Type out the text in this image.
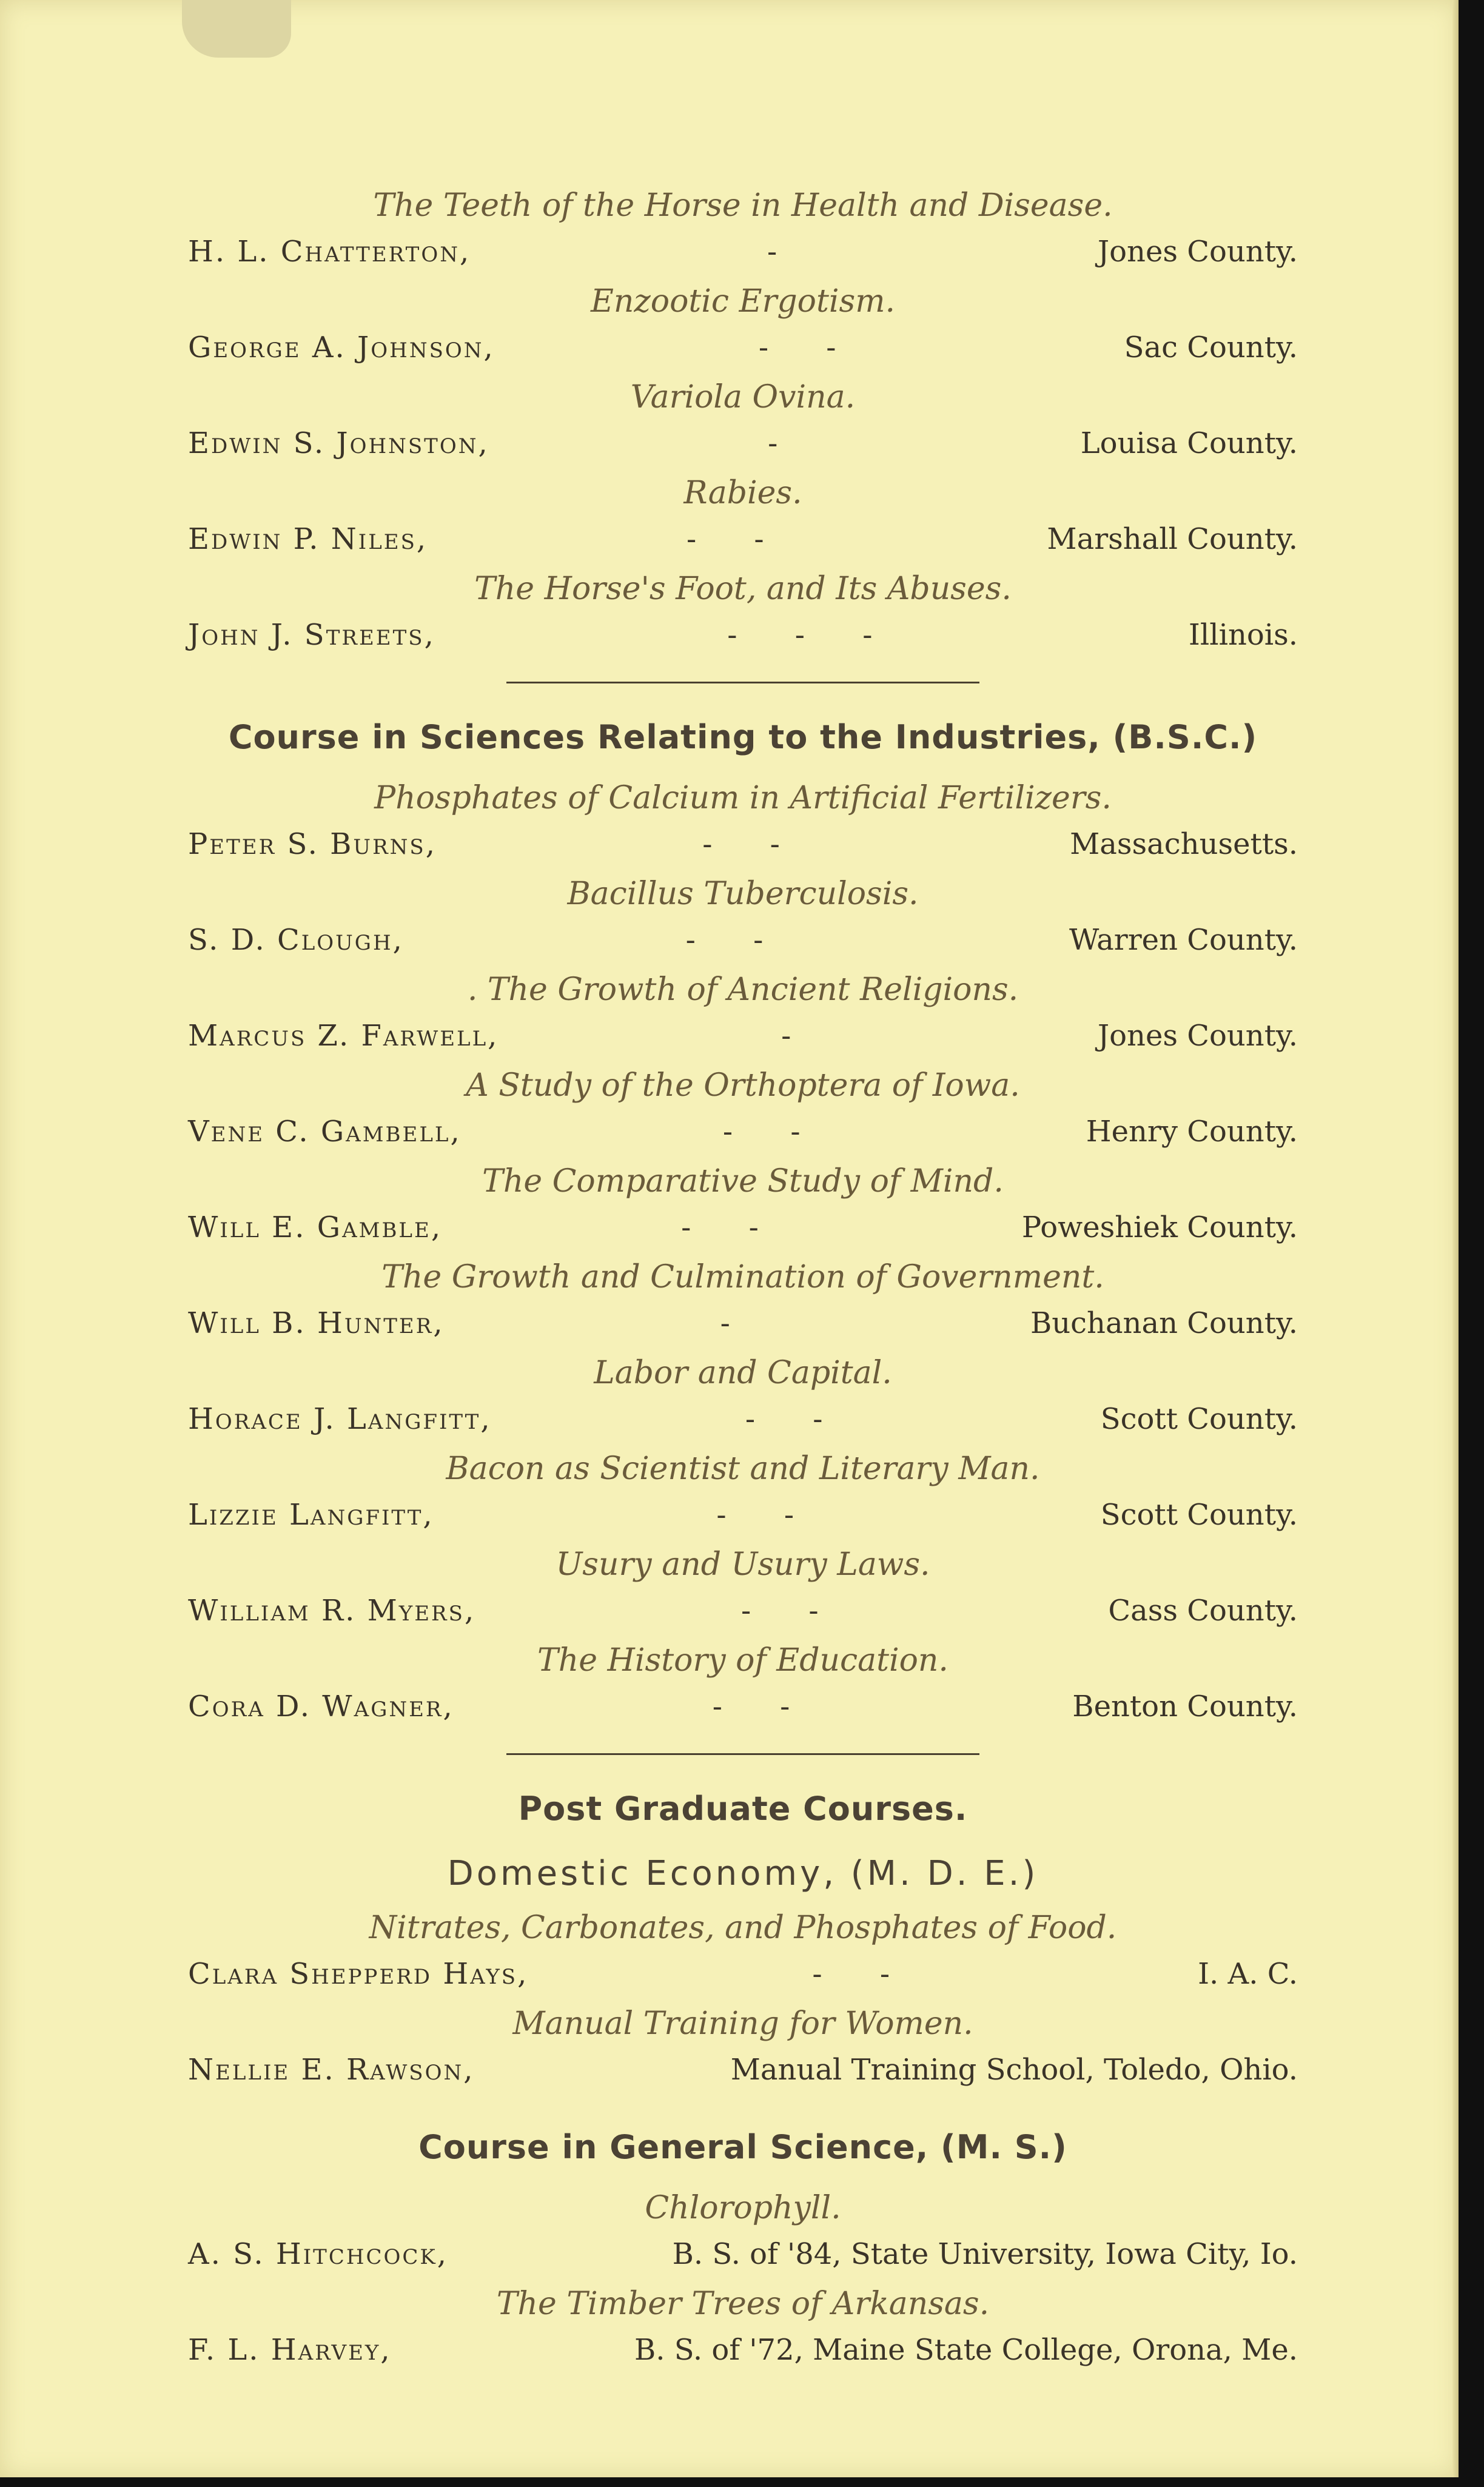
The Teeth of the Horse in Health and Disease.
H. L. Chatterton,	-	Jones County.
Enzootic Ergotism.
George A. Johnson,	- -	Sac County.
Variola Ovina.
Edwin S. Johnston,	-	Louisa County.
Rabies.
Edwin P. Niles,	- -	Marshall County.
The Horse's Foot, and Its Abuses.
John J. Streets,	- - -	Illinois.
Course in Sciences Relating to the Industries, (B.S.C.)
Phosphates of Calcium in Artificial Fertilizers.
Peter S. Burns,	- -	Massachusetts.
Bacillus Tuberculosis.
S. D. Clough,	- -	Warren County.
. The Growth of Ancient Religions.
Marcus Z. Farwell,	-	Jones County.
A Study of the Orthoptera of Iowa.
Vene C. Gambell,	- -	Henry County.
The Comparative Study of Mind.
Will E. Gamble,	- -	Poweshiek County.
The Growth and Culmination of Government.
Will B. Hunter,	-	Buchanan County.
Labor and Capital.
Horace J. Langfitt,	- -	Scott County.
Bacon as Scientist and Literary Man.
Lizzie Langfitt,	- -	Scott County.
Usury and Usury Laws.
William R. Myers,	- -	Cass County.
The History of Education.
Cora D. Wagner,	- -	Benton County.
Post Graduate Courses.
Domestic Economy, (M. D. E.)
Nitrates, Carbonates, and Phosphates of Food.
Clara Shepperd Hays,	- -	I. A. C.
Manual Training for Women.
Nellie E. Rawson,	Manual Training School, Toledo, Ohio.
Course in General Science, (M. S.)
Chlorophyll.
A. S. Hitchcock,	B. S. of '84, State University, Iowa City, Io.
The Timber Trees of Arkansas.
F. L. Harvey,	B. S. of '72, Maine State College, Orona, Me.
